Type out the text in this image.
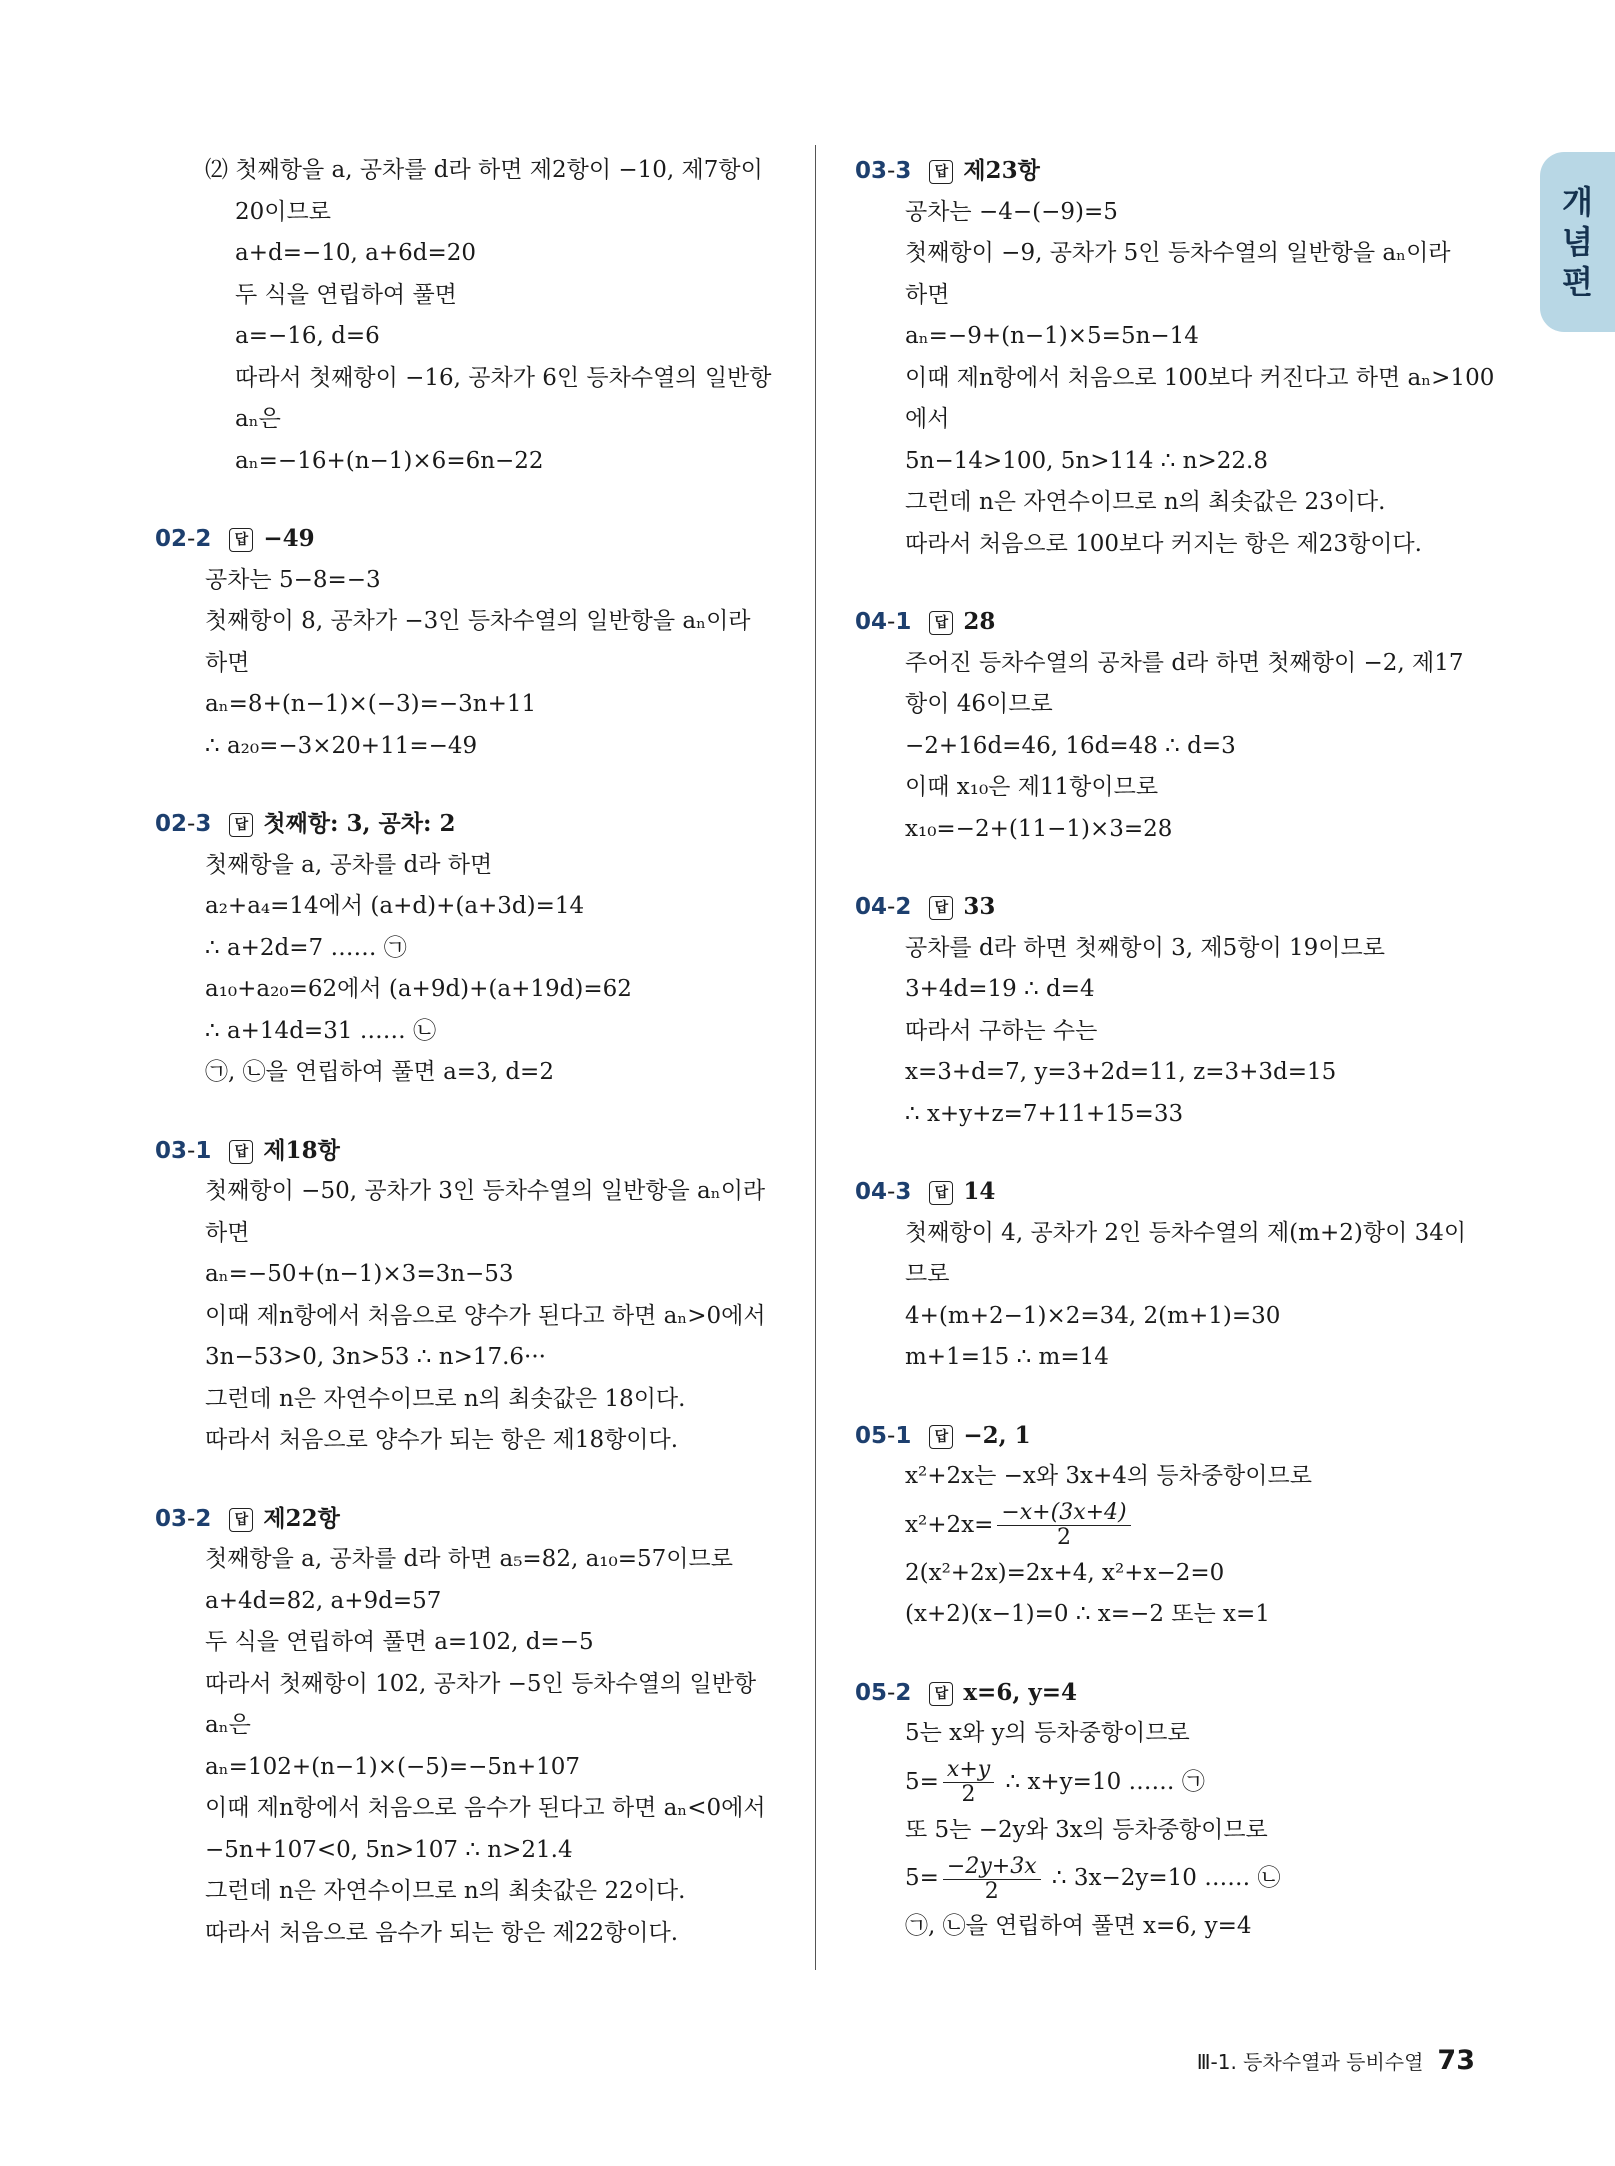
개
념
편
⑵ 첫째항을 a, 공차를 d라 하면 제2항이 −10, 제7항이
20이므로
a+d=−10, a+6d=20
두 식을 연립하여 풀면
a=−16, d=6
따라서 첫째항이 −16, 공차가 6인 등차수열의 일반항
aₙ은
aₙ=−16+(n−1)×6=6n−22
02-2 답 −49
공차는 5−8=−3
첫째항이 8, 공차가 −3인 등차수열의 일반항을 aₙ이라
하면
aₙ=8+(n−1)×(−3)=−3n+11
∴ a₂₀=−3×20+11=−49
02-3 답 첫째항: 3, 공차: 2
첫째항을 a, 공차를 d라 하면
a₂+a₄=14에서 (a+d)+(a+3d)=14
∴ a+2d=7 …… ㉠
a₁₀+a₂₀=62에서 (a+9d)+(a+19d)=62
∴ a+14d=31 …… ㉡
㉠, ㉡을 연립하여 풀면 a=3, d=2
03-1 답 제18항
첫째항이 −50, 공차가 3인 등차수열의 일반항을 aₙ이라
하면
aₙ=−50+(n−1)×3=3n−53
이때 제n항에서 처음으로 양수가 된다고 하면 aₙ>0에서
3n−53>0, 3n>53 ∴ n>17.6···
그런데 n은 자연수이므로 n의 최솟값은 18이다.
따라서 처음으로 양수가 되는 항은 제18항이다.
03-2 답 제22항
첫째항을 a, 공차를 d라 하면 a₅=82, a₁₀=57이므로
a+4d=82, a+9d=57
두 식을 연립하여 풀면 a=102, d=−5
따라서 첫째항이 102, 공차가 −5인 등차수열의 일반항
aₙ은
aₙ=102+(n−1)×(−5)=−5n+107
이때 제n항에서 처음으로 음수가 된다고 하면 aₙ<0에서
−5n+107<0, 5n>107 ∴ n>21.4
그런데 n은 자연수이므로 n의 최솟값은 22이다.
따라서 처음으로 음수가 되는 항은 제22항이다.
03-3 답 제23항
공차는 −4−(−9)=5
첫째항이 −9, 공차가 5인 등차수열의 일반항을 aₙ이라
하면
aₙ=−9+(n−1)×5=5n−14
이때 제n항에서 처음으로 100보다 커진다고 하면 aₙ>100
에서
5n−14>100, 5n>114 ∴ n>22.8
그런데 n은 자연수이므로 n의 최솟값은 23이다.
따라서 처음으로 100보다 커지는 항은 제23항이다.
04-1 답 28
주어진 등차수열의 공차를 d라 하면 첫째항이 −2, 제17
항이 46이므로
−2+16d=46, 16d=48 ∴ d=3
이때 x₁₀은 제11항이므로
x₁₀=−2+(11−1)×3=28
04-2 답 33
공차를 d라 하면 첫째항이 3, 제5항이 19이므로
3+4d=19 ∴ d=4
따라서 구하는 수는
x=3+d=7, y=3+2d=11, z=3+3d=15
∴ x+y+z=7+11+15=33
04-3 답 14
첫째항이 4, 공차가 2인 등차수열의 제(m+2)항이 34이
므로
4+(m+2−1)×2=34, 2(m+1)=30
m+1=15 ∴ m=14
05-1 답 −2, 1
x²+2x는 −x와 3x+4의 등차중항이므로
$x^2+2x= \frac{-x+(3x+4)}{2}$
2(x²+2x)=2x+4, x²+x−2=0
(x+2)(x−1)=0 ∴ x=−2 또는 x=1
05-2 답 x=6, y=4
5는 x와 y의 등차중항이므로
$5= \frac{x+y}{2}$ ∴ x+y=10 …… ㉠
또 5는 −2y와 3x의 등차중항이므로
$5= \frac{-2y+3x}{2}$ ∴ 3x−2y=10 …… ㉡
㉠, ㉡을 연립하여 풀면 x=6, y=4
Ⅲ-1. 등차수열과 등비수열 73
